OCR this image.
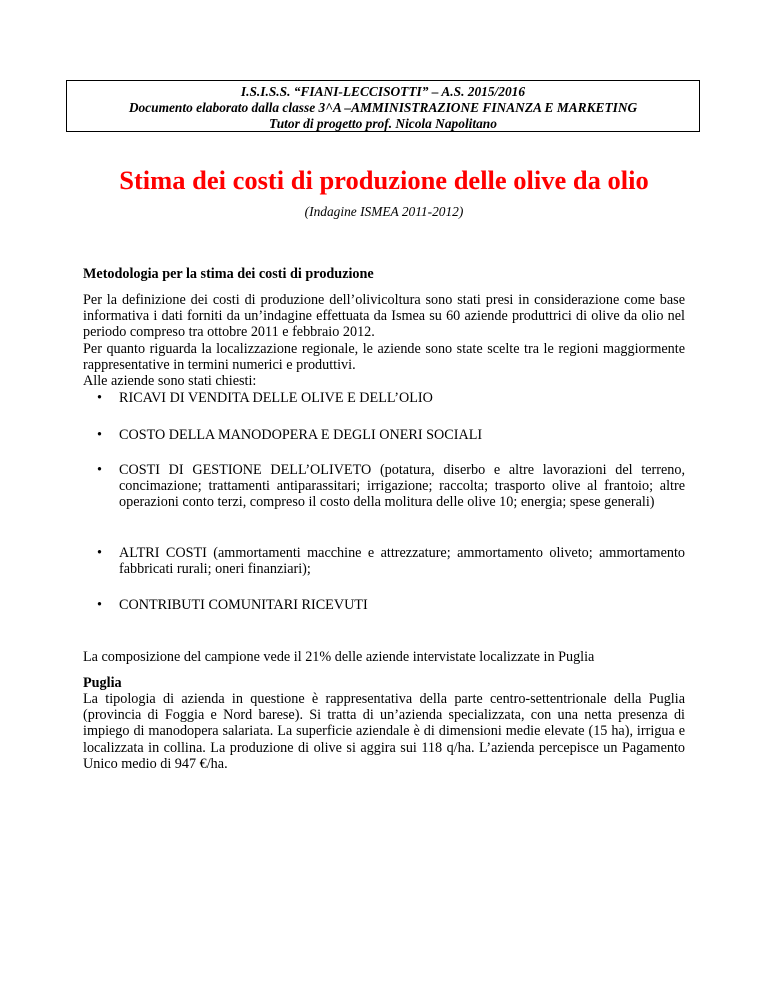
I.S.I.S.S. “FIANI-LECCISOTTI” – A.S. 2015/2016
Documento elaborato dalla classe 3^A –AMMINISTRAZIONE FINANZA E MARKETING
Tutor di progetto prof. Nicola Napolitano
Stima dei costi di produzione delle olive da olio
(Indagine ISMEA 2011-2012)
Metodologia per la stima dei costi di produzione
Per la definizione dei costi di produzione dell’olivicoltura sono stati presi in considerazione come base informativa i dati forniti da un’indagine effettuata da Ismea su 60 aziende produttrici di olive da olio nel periodo compreso tra ottobre 2011 e febbraio 2012.
Per quanto riguarda la localizzazione regionale, le aziende sono state scelte tra le regioni maggiormente rappresentative in termini numerici e produttivi.
Alle aziende sono stati chiesti:
•	RICAVI DI VENDITA DELLE OLIVE E DELL’OLIO
•	COSTO DELLA MANODOPERA E DEGLI ONERI SOCIALI
•	COSTI DI GESTIONE DELL’OLIVETO (potatura, diserbo e altre lavorazioni del terreno, concimazione; trattamenti antiparassitari; irrigazione; raccolta; trasporto olive al frantoio; altre operazioni conto terzi, compreso il costo della molitura delle olive 10; energia; spese generali)
•	ALTRI COSTI (ammortamenti macchine e attrezzature; ammortamento oliveto; ammortamento fabbricati rurali; oneri finanziari);
•	CONTRIBUTI COMUNITARI RICEVUTI
La composizione del campione vede il 21% delle aziende intervistate localizzate in Puglia
Puglia
La tipologia di azienda in questione è rappresentativa della parte centro-settentrionale della Puglia (provincia di Foggia e Nord barese). Si tratta di un’azienda specializzata, con una netta presenza di impiego di manodopera salariata. La superficie aziendale è di dimensioni medie elevate (15 ha), irrigua e localizzata in collina. La produzione di olive si aggira sui 118 q/ha. L’azienda percepisce un Pagamento Unico medio di 947 €/ha.
